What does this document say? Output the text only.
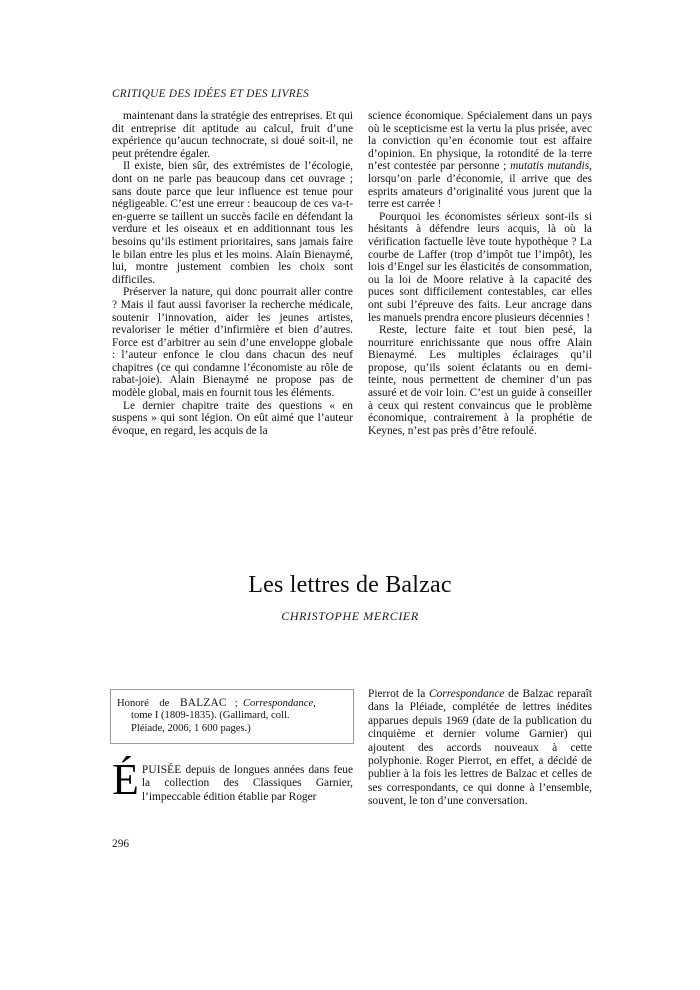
CRITIQUE DES IDÉES ET DES LIVRES

maintenant dans la stratégie des entreprises. Et qui dit entreprise dit aptitude au calcul, fruit d’une expérience qu’aucun technocrate, si doué soit-il, ne peut prétendre égaler.

Il existe, bien sûr, des extrémistes de l’écologie, dont on ne parle pas beaucoup dans cet ouvrage ; sans doute parce que leur influence est tenue pour négligeable. C’est une erreur : beaucoup de ces va-t-en-guerre se taillent un succès facile en défendant la verdure et les oiseaux et en additionnant tous les besoins qu’ils estiment prioritaires, sans jamais faire le bilan entre les plus et les moins. Alain Bienaymé, lui, montre justement combien les choix sont difficiles.

Préserver la nature, qui donc pourrait aller contre ? Mais il faut aussi favoriser la recherche médicale, soutenir l’innovation, aider les jeunes artistes, revaloriser le métier d’infirmière et bien d’autres. Force est d’arbitrer au sein d’une enveloppe globale : l’auteur enfonce le clou dans chacun des neuf chapitres (ce qui condamne l’économiste au rôle de rabat-joie). Alain Bienaymé ne propose pas de modèle global, mais en fournit tous les éléments.

Le dernier chapitre traite des questions « en suspens » qui sont légion. On eût aimé que l’auteur évoque, en regard, les acquis de la

science économique. Spécialement dans un pays où le scepticisme est la vertu la plus prisée, avec la conviction qu’en économie tout est affaire d’opinion. En physique, la rotondité de la terre n’est contestée par personne ; mutatis mutandis, lorsqu’on parle d’économie, il arrive que des esprits amateurs d’originalité vous jurent que la terre est carrée !

Pourquoi les économistes sérieux sont-ils si hésitants à défendre leurs acquis, là où la vérification factuelle lève toute hypothèque ? La courbe de Laffer (trop d’impôt tue l’impôt), les lois d’Engel sur les élasticités de consommation, ou la loi de Moore relative à la capacité des puces sont difficilement contestables, car elles ont subi l’épreuve des faits. Leur ancrage dans les manuels prendra encore plusieurs décennies !

Reste, lecture faite et tout bien pesé, la nourriture enrichissante que nous offre Alain Bienaymé. Les multiples éclairages qu’il propose, qu’ils soient éclatants ou en demi-teinte, nous permettent de cheminer d’un pas assuré et de voir loin. C’est un guide à conseiller à ceux qui restent convaincus que le problème économique, contrairement à la prophétie de Keynes, n’est pas près d’être refoulé.

Les lettres de Balzac
CHRISTOPHE MERCIER

Honoré de BALZAC ; Correspondance,
tome I (1809-1835). (Gallimard, coll.
Pléiade, 2006, 1 600 pages.)

ÉPUISÉE depuis de longues années dans feue la collection des Classiques Garnier, l’impeccable édition établie par Roger

Pierrot de la Correspondance de Balzac reparaît dans la Pléiade, complétée de lettres inédites apparues depuis 1969 (date de la publication du cinquième et dernier volume Garnier) qui ajoutent des accords nouveaux à cette polyphonie. Roger Pierrot, en effet, a décidé de publier à la fois les lettres de Balzac et celles de ses correspondants, ce qui donne à l’ensemble, souvent, le ton d’une conversation.

296
